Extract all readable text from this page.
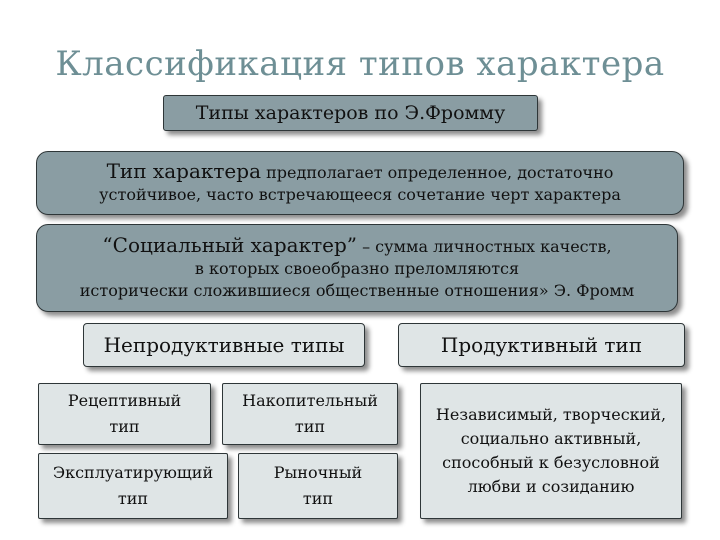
Классификация типов характера
Типы характеров по Э.Фромму
Тип характера предполагает определенное, достаточно
устойчивое, часто встречающееся сочетание черт характера
“Социальный характер” – сумма личностных качеств,
в которых своеобразно преломляются
исторически сложившиеся общественные отношения» Э. Фромм
Непродуктивные типы	Продуктивный тип
Рецептивный
тип
Накопительный
тип
Эксплуатирующий
тип
Рыночный
тип
Независимый, творческий,
социально активный,
способный к безусловной
любви и созиданию
